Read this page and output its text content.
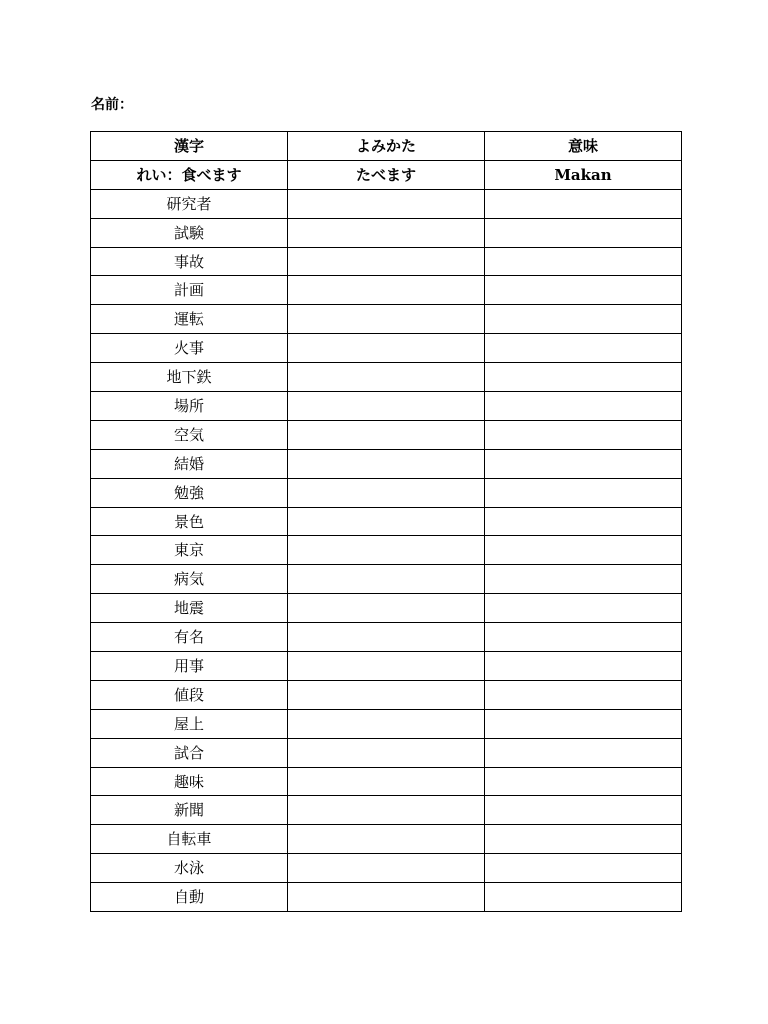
名前：
漢字	よみかた	意味
れい：食べます	たべます	Makan
研究者		
試験		
事故		
計画		
運転		
火事		
地下鉄		
場所		
空気		
結婚		
勉強		
景色		
東京		
病気		
地震		
有名		
用事		
値段		
屋上		
試合		
趣味		
新聞		
自転車		
水泳		
自動		
